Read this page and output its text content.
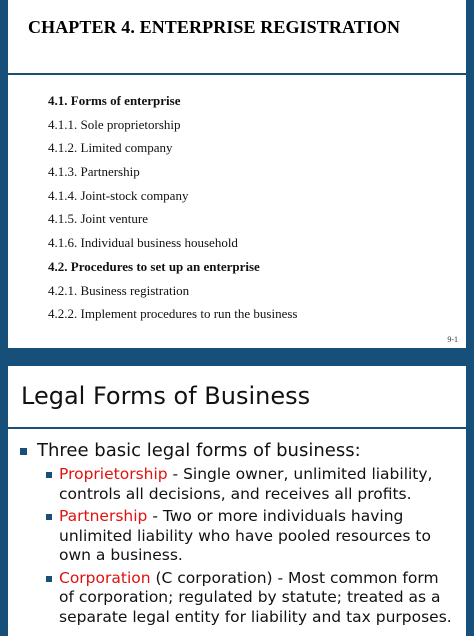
CHAPTER 4. ENTERPRISE REGISTRATION
4.1. Forms of enterprise
4.1.1. Sole proprietorship
4.1.2. Limited company
4.1.3. Partnership
4.1.4. Joint-stock company
4.1.5. Joint venture
4.1.6. Individual business household
4.2. Procedures to set up an enterprise
4.2.1. Business registration
4.2.2. Implement procedures to run the business
9-1
Legal Forms of Business
Three basic legal forms of business:
Proprietorship - Single owner, unlimited liability, controls all decisions, and receives all profits.
Partnership - Two or more individuals having unlimited liability who have pooled resources to own a business.
Corporation (C corporation) - Most common form of corporation; regulated by statute; treated as a separate legal entity for liability and tax purposes.
